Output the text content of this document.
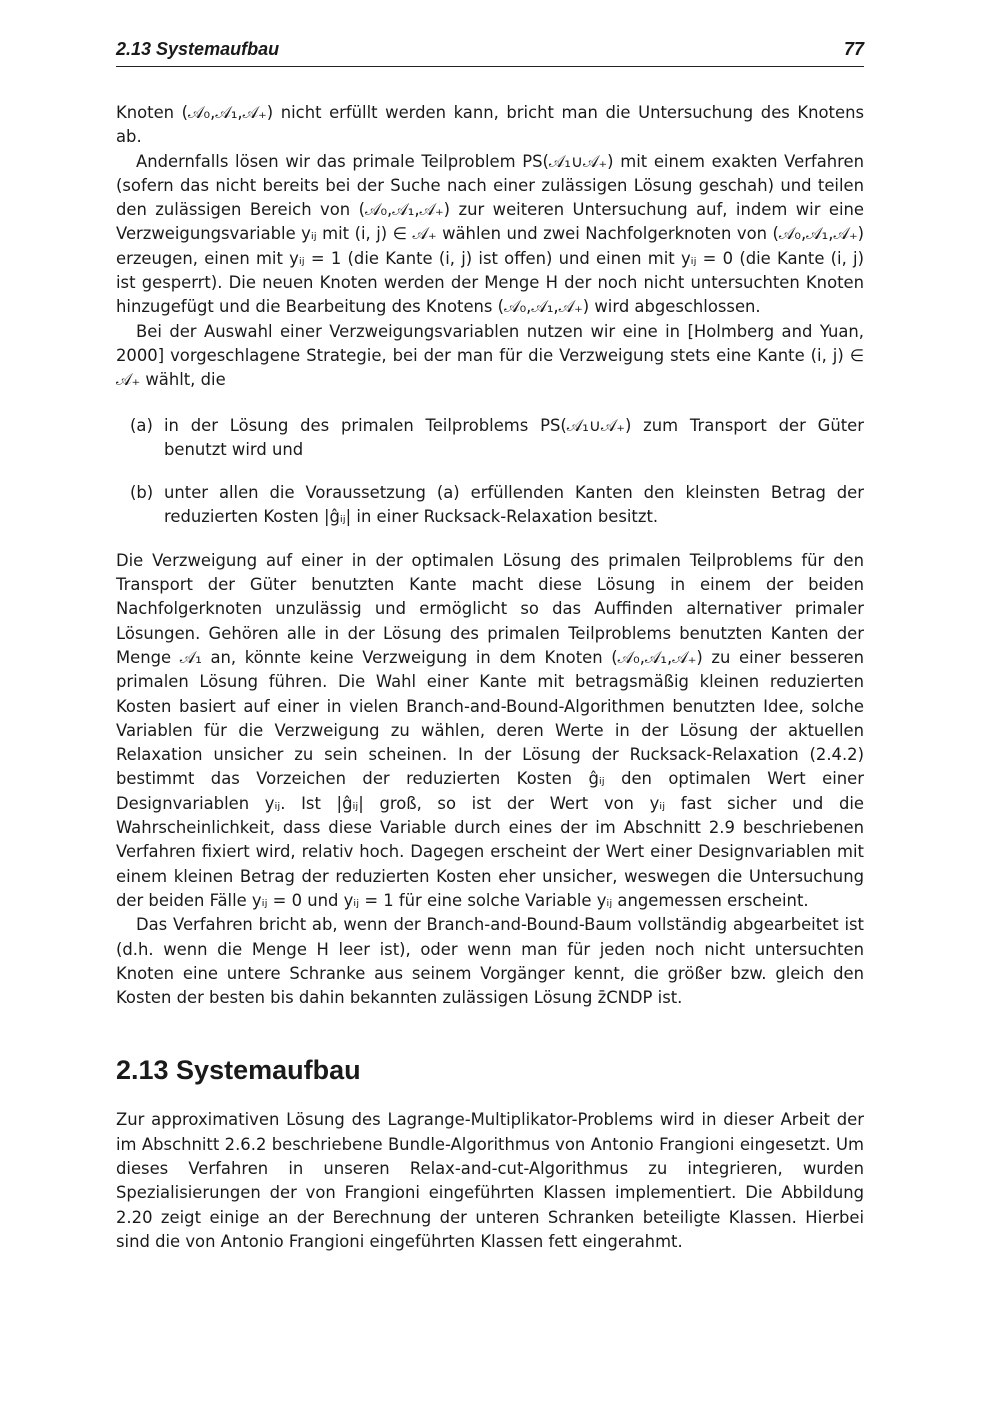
2.13 Systemaufbau	77

Knoten (𝒜₀,𝒜₁,𝒜₊) nicht erfüllt werden kann, bricht man die Untersuchung des Knotens ab.

Andernfalls lösen wir das primale Teilproblem PS(𝒜₁∪𝒜₊) mit einem exakten Verfahren (sofern das nicht bereits bei der Suche nach einer zulässigen Lösung geschah) und teilen den zulässigen Bereich von (𝒜₀,𝒜₁,𝒜₊) zur weiteren Untersuchung auf, indem wir eine Verzweigungsvariable yᵢⱼ mit (i, j) ∈ 𝒜₊ wählen und zwei Nachfolgerknoten von (𝒜₀,𝒜₁,𝒜₊) erzeugen, einen mit yᵢⱼ = 1 (die Kante (i, j) ist offen) und einen mit yᵢⱼ = 0 (die Kante (i, j) ist gesperrt). Die neuen Knoten werden der Menge H der noch nicht untersuchten Knoten hinzugefügt und die Bearbeitung des Knotens (𝒜₀,𝒜₁,𝒜₊) wird abgeschlossen.

Bei der Auswahl einer Verzweigungsvariablen nutzen wir eine in [Holmberg and Yuan, 2000] vorgeschlagene Strategie, bei der man für die Verzweigung stets eine Kante (i, j) ∈ 𝒜₊ wählt, die

(a) in der Lösung des primalen Teilproblems PS(𝒜₁∪𝒜₊) zum Transport der Güter benutzt wird und
(b) unter allen die Voraussetzung (a) erfüllenden Kanten den kleinsten Betrag der reduzierten Kosten |ĝᵢⱼ| in einer Rucksack-Relaxation besitzt.

Die Verzweigung auf einer in der optimalen Lösung des primalen Teilproblems für den Transport der Güter benutzten Kante macht diese Lösung in einem der beiden Nachfolgerknoten unzulässig und ermöglicht so das Auffinden alternativer primaler Lösungen. Gehören alle in der Lösung des primalen Teilproblems benutzten Kanten der Menge 𝒜₁ an, könnte keine Verzweigung in dem Knoten (𝒜₀,𝒜₁,𝒜₊) zu einer besseren primalen Lösung führen. Die Wahl einer Kante mit betragsmäßig kleinen reduzierten Kosten basiert auf einer in vielen Branch-and-Bound-Algorithmen benutzten Idee, solche Variablen für die Verzweigung zu wählen, deren Werte in der Lösung der aktuellen Relaxation unsicher zu sein scheinen. In der Lösung der Rucksack-Relaxation (2.4.2) bestimmt das Vorzeichen der reduzierten Kosten ĝᵢⱼ den optimalen Wert einer Designvariablen yᵢⱼ. Ist |ĝᵢⱼ| groß, so ist der Wert von yᵢⱼ fast sicher und die Wahrscheinlichkeit, dass diese Variable durch eines der im Abschnitt 2.9 beschriebenen Verfahren fixiert wird, relativ hoch. Dagegen erscheint der Wert einer Designvariablen mit einem kleinen Betrag der reduzierten Kosten eher unsicher, weswegen die Untersuchung der beiden Fälle yᵢⱼ = 0 und yᵢⱼ = 1 für eine solche Variable yᵢⱼ angemessen erscheint.

Das Verfahren bricht ab, wenn der Branch-and-Bound-Baum vollständig abgearbeitet ist (d.h. wenn die Menge H leer ist), oder wenn man für jeden noch nicht untersuchten Knoten eine untere Schranke aus seinem Vorgänger kennt, die größer bzw. gleich den Kosten der besten bis dahin bekannten zulässigen Lösung z̄CNDP ist.

2.13 Systemaufbau

Zur approximativen Lösung des Lagrange-Multiplikator-Problems wird in dieser Arbeit der im Abschnitt 2.6.2 beschriebene Bundle-Algorithmus von Antonio Frangioni eingesetzt. Um dieses Verfahren in unseren Relax-and-cut-Algorithmus zu integrieren, wurden Spezialisierungen der von Frangioni eingeführten Klassen implementiert. Die Abbildung 2.20 zeigt einige an der Berechnung der unteren Schranken beteiligte Klassen. Hierbei sind die von Antonio Frangioni eingeführten Klassen fett eingerahmt.
